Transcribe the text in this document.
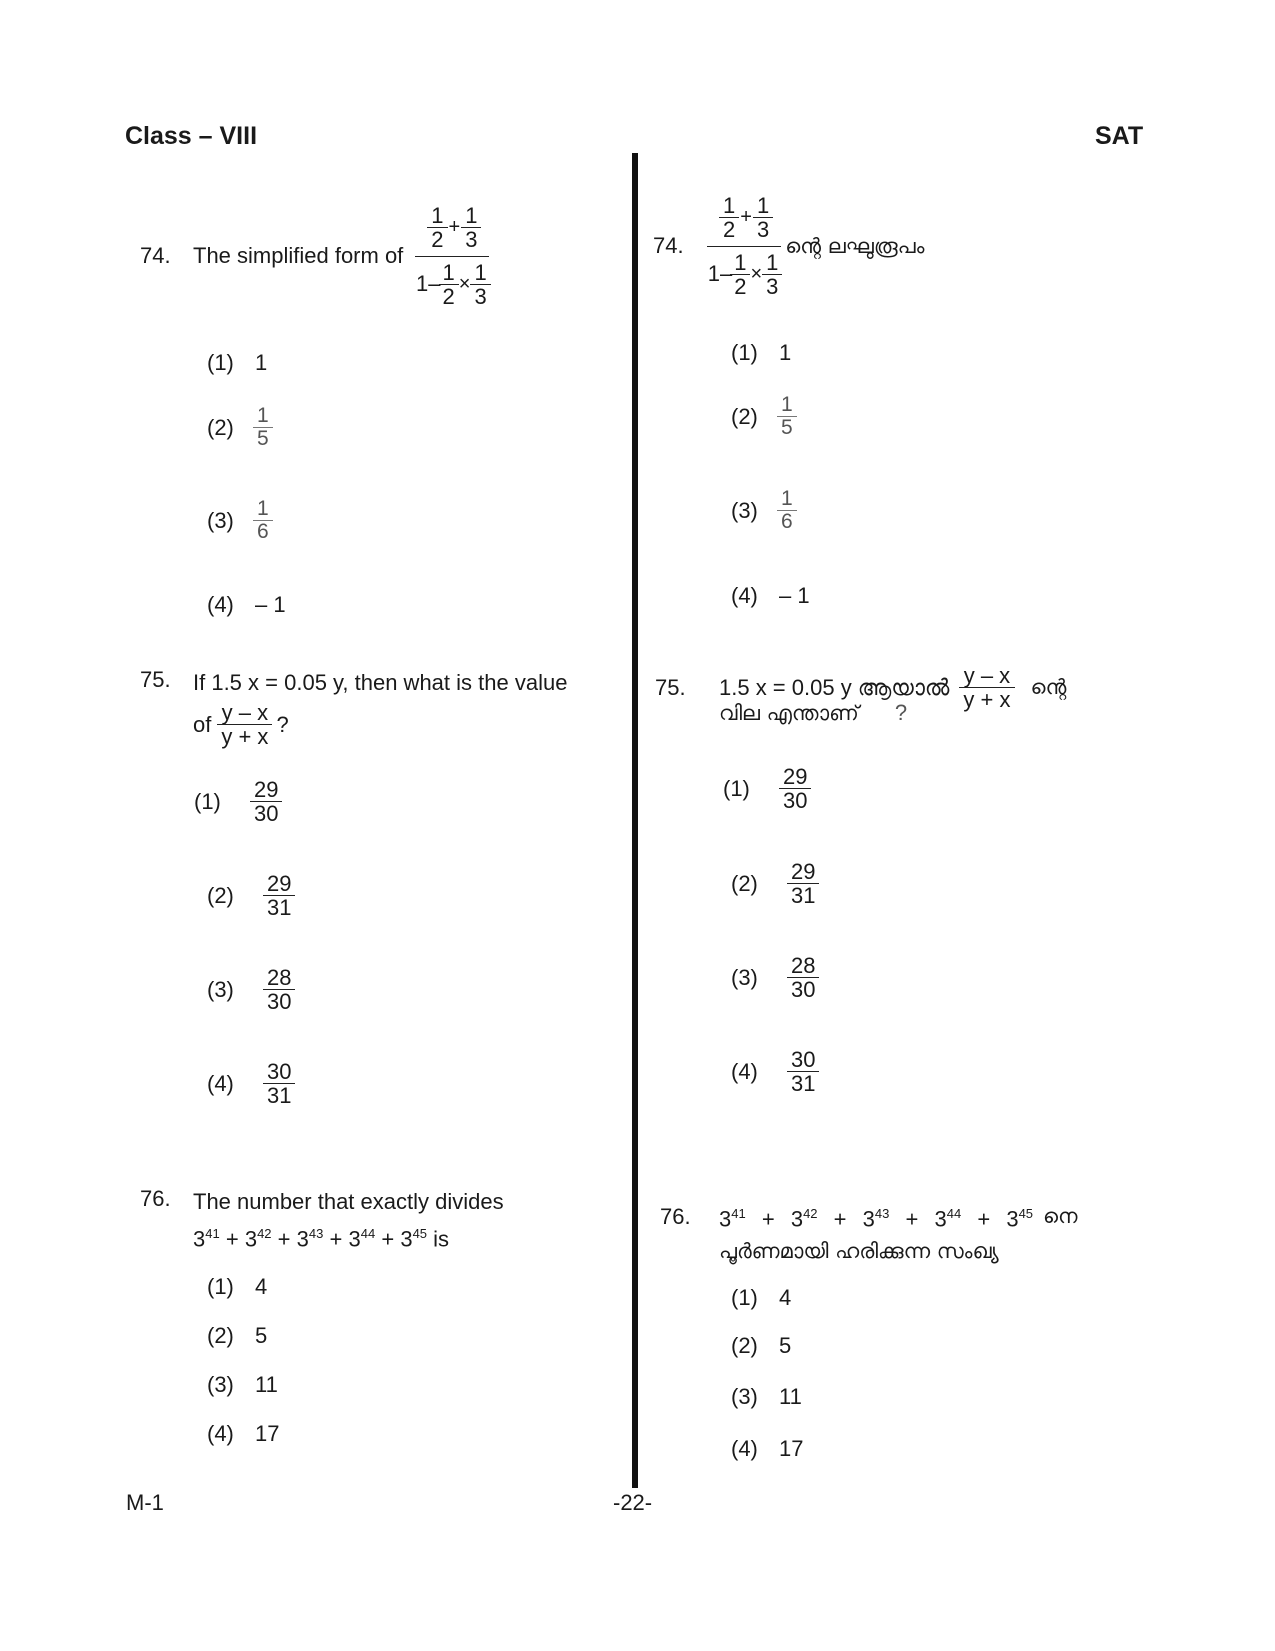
Class – VIII	SAT
74.	The simplified form of
$\frac{1}{2} + \frac{1}{3}$
$1- \frac{1}{2} \times \frac{1}{3}$
(1) 1
(2)	$\frac{1}{5}$
(3)	$\frac{1}{6}$
(4) – 1
75.	If 1.5 x = 0.05 y, then what is the value
of $\frac{y - x}{y + x}$ ?
(1)	$\frac{29}{30}$
(2)	$\frac{29}{31}$
(3)	$\frac{28}{30}$
(4)	$\frac{30}{31}$
76.	The number that exactly divides
$3^{41} + 3^{42} + 3^{43} + 3^{44} + 3^{45}$ is
(1) 4
(2) 5
(3) 11
(4) 17
74.
$\frac{1}{2} + \frac{1}{3}$
$1- \frac{1}{2} \times \frac{1}{3}$
ന്റെ ലഘുരൂപം
(1) 1
(2)	$\frac{1}{5}$
(3)	$\frac{1}{6}$
(4) – 1
75.	1.5 x = 0.05 y ആയാൽ $\frac{y - x}{y + x}$ ന്റെ
വില എന്താണ് ?
(1)	$\frac{29}{30}$
(2)	$\frac{29}{31}$
(3)	$\frac{28}{30}$
(4)	$\frac{30}{31}$
76.	$3^{41} + 3^{42} + 3^{43} + 3^{44} + 3^{45}$ നെ
പൂർണമായി ഹരിക്കുന്ന സംഖ്യ
(1) 4
(2) 5
(3) 11
(4) 17
M-1	-22-
